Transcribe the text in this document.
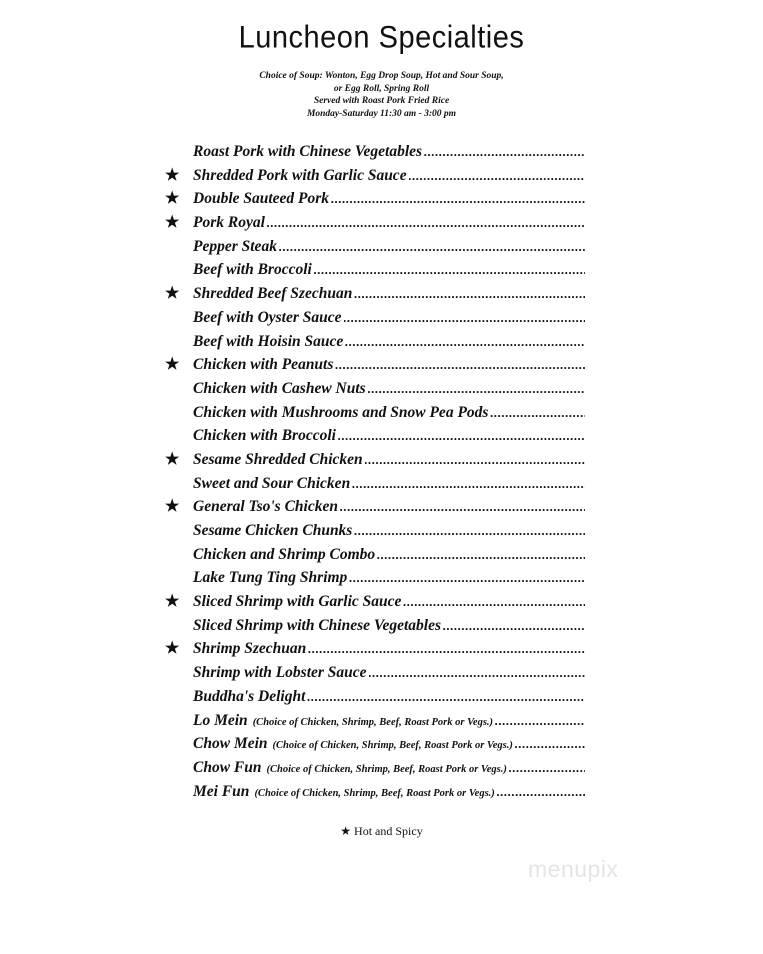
Luncheon Specialties
Choice of Soup: Wonton, Egg Drop Soup, Hot and Sour Soup,
or Egg Roll, Spring Roll
Served with Roast Pork Fried Rice
Monday-Saturday 11:30 am - 3:00 pm
Roast Pork with Chinese Vegetables
.....
★ Shredded Pork with Garlic Sauce
.....
★ Double Sauteed Pork
.....
★ Pork Royal
.....
Pepper Steak
.....
Beef with Broccoli
.....
★ Shredded Beef Szechuan
.....
Beef with Oyster Sauce
.....
Beef with Hoisin Sauce
.....
★ Chicken with Peanuts
.....
Chicken with Cashew Nuts
.....
Chicken with Mushrooms and Snow Pea Pods
.....
Chicken with Broccoli
.....
★ Sesame Shredded Chicken
.....
Sweet and Sour Chicken
.....
★ General Tso's Chicken
.....
Sesame Chicken Chunks
.....
Chicken and Shrimp Combo
.....
Lake Tung Ting Shrimp
.....
★ Sliced Shrimp with Garlic Sauce
.....
Sliced Shrimp with Chinese Vegetables
.....
★ Shrimp Szechuan
.....
Shrimp with Lobster Sauce
.....
Buddha's Delight
.....
Lo Mein (Choice of Chicken, Shrimp, Beef, Roast Pork or Vegs.)
.....
Chow Mein (Choice of Chicken, Shrimp, Beef, Roast Pork or Vegs.)
.....
Chow Fun (Choice of Chicken, Shrimp, Beef, Roast Pork or Vegs.)
.....
Mei Fun (Choice of Chicken, Shrimp, Beef, Roast Pork or Vegs.)
.....
★ Hot and Spicy
menupix
